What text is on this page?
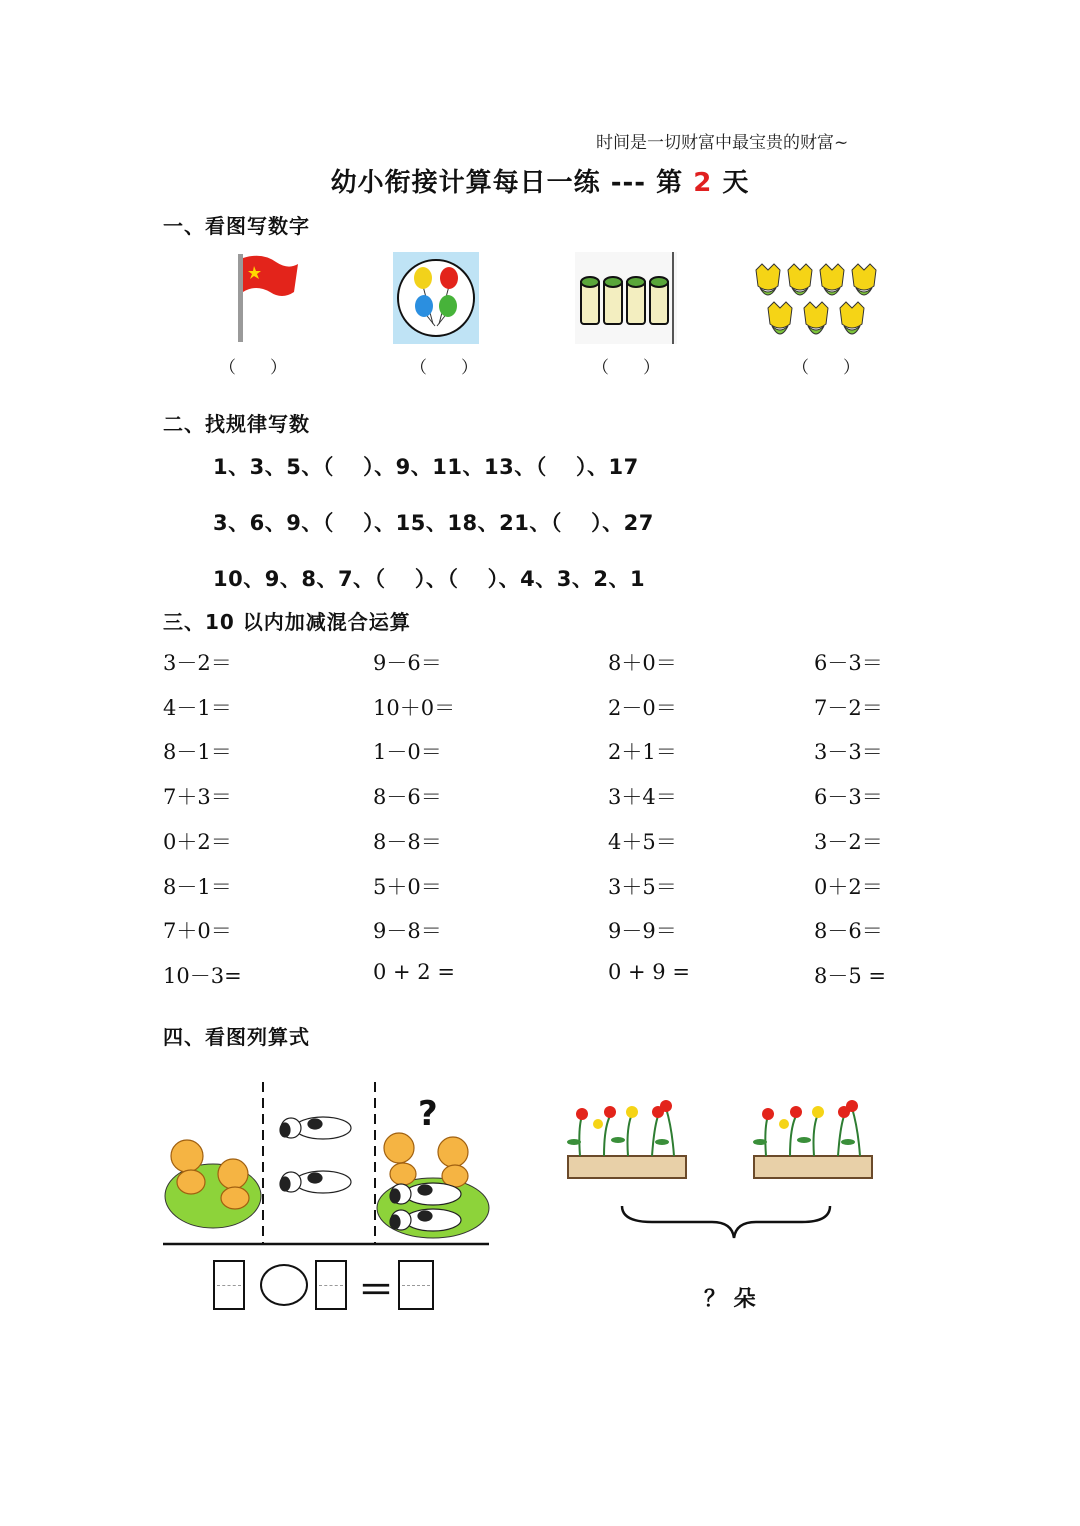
时间是一切财富中最宝贵的财富~
幼小衔接计算每日一练 --- 第 2 天
一、看图写数字
（　　）	（　　）	（　　）	（　　）
二、找规律写数
1、3、5、（　 ）、9、11、13、（　 ）、17
3、6、9、（　 ）、15、18、21、（　 ）、27
10、9、8、7、（　 ）、（　 ）、4、3、2、1
三、10 以内加减混合运算
3－2＝	9－6＝	8＋0＝	6－3＝
4－1＝	10＋0＝	2－0＝	7－2＝
8－1＝	1－0＝	2＋1＝	3－3＝
7＋3＝	8－6＝	3＋4＝	6－3＝
0＋2＝	8－8＝	4＋5＝	3－2＝
8－1＝	5＋0＝	3＋5＝	0＋2＝
7＋0＝	9－8＝	9－9＝	8－6＝
10－3=	0 + 2 =	0 + 9 =	8－5 =
四、看图列算式
?
＝	？ 朵
